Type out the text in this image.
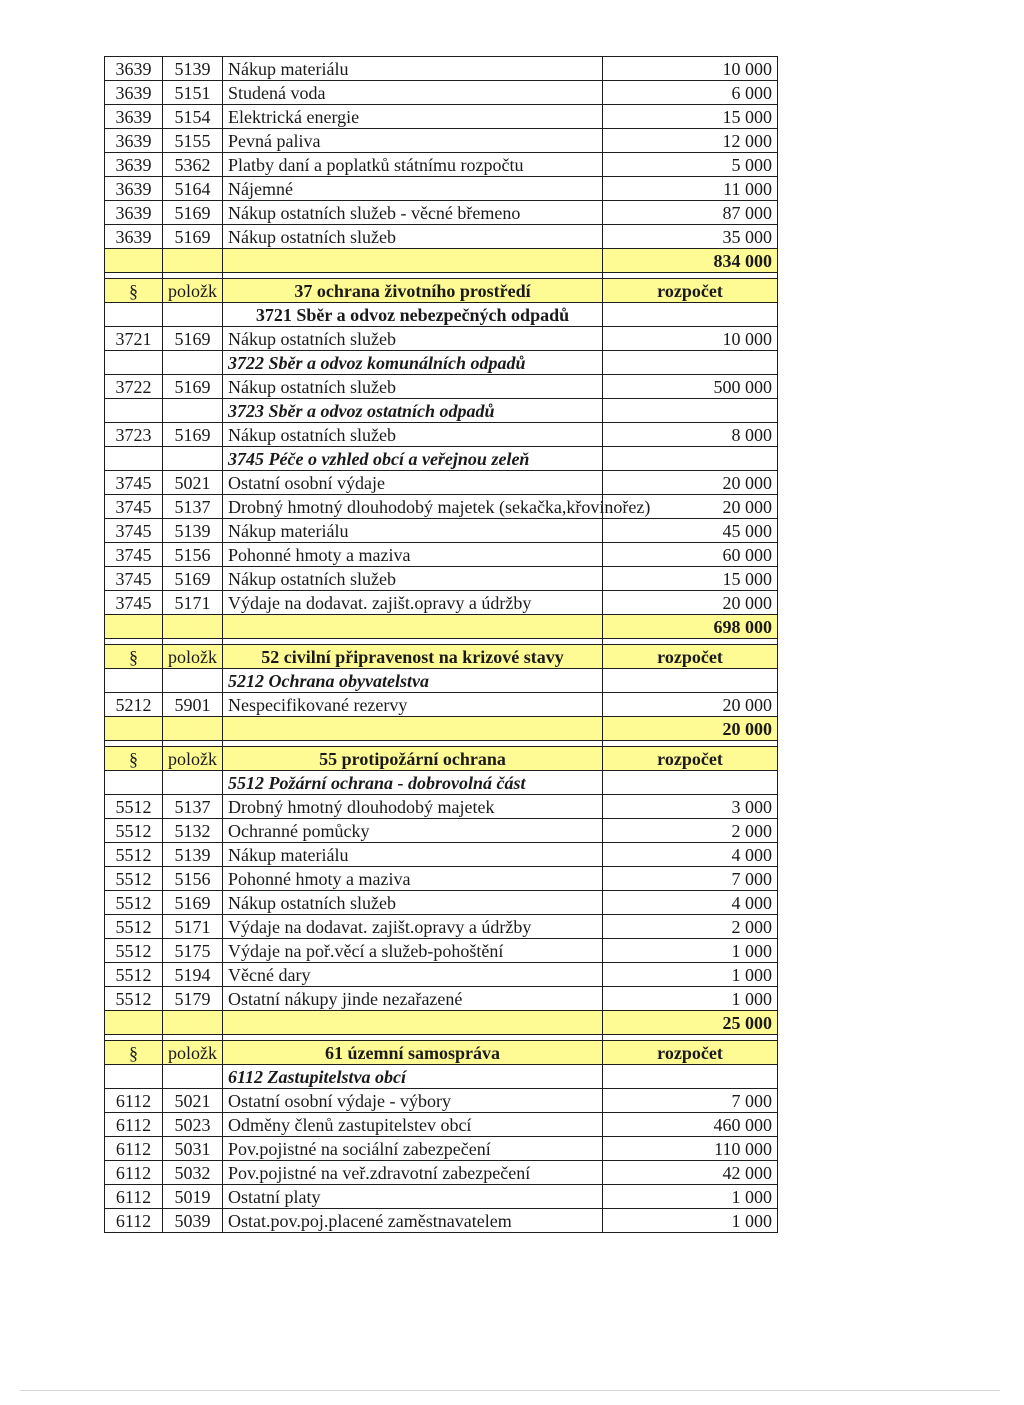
3639	5139	Nákup materiálu	10 000
3639	5151	Studená voda	6 000
3639	5154	Elektrická energie	15 000
3639	5155	Pevná paliva	12 000
3639	5362	Platby daní a poplatků státnímu rozpočtu	5 000
3639	5164	Nájemné	11 000
3639	5169	Nákup ostatních služeb - věcné břemeno	87 000
3639	5169	Nákup ostatních služeb	35 000
			834 000

§	položk	37 ochrana životního prostředí	rozpočet
		3721 Sběr a odvoz nebezpečných odpadů	
3721	5169	Nákup ostatních služeb	10 000
		3722 Sběr a odvoz komunálních odpadů	
3722	5169	Nákup ostatních služeb	500 000
		3723 Sběr a odvoz ostatních odpadů	
3723	5169	Nákup ostatních služeb	8 000
		3745 Péče o vzhled obcí a veřejnou zeleň	
3745	5021	Ostatní osobní výdaje	20 000
3745	5137	Drobný hmotný dlouhodobý majetek (sekačka,křovinořez)	20 000
3745	5139	Nákup materiálu	45 000
3745	5156	Pohonné hmoty a maziva	60 000
3745	5169	Nákup ostatních služeb	15 000
3745	5171	Výdaje na dodavat. zajišt.opravy a údržby	20 000
			698 000

§	položk	52 civilní připravenost na krizové stavy	rozpočet
		5212 Ochrana obyvatelstva	
5212	5901	Nespecifikované rezervy	20 000
			20 000

§	položk	55 protipožární ochrana	rozpočet
		5512 Požární ochrana - dobrovolná část	
5512	5137	Drobný hmotný dlouhodobý majetek	3 000
5512	5132	Ochranné pomůcky	2 000
5512	5139	Nákup materiálu	4 000
5512	5156	Pohonné hmoty a maziva	7 000
5512	5169	Nákup ostatních služeb	4 000
5512	5171	Výdaje na dodavat. zajišt.opravy a údržby	2 000
5512	5175	Výdaje na poř.věcí a služeb-pohoštění	1 000
5512	5194	Věcné dary	1 000
5512	5179	Ostatní nákupy jinde nezařazené	1 000
			25 000

§	položk	61 územní samospráva	rozpočet
		6112 Zastupitelstva obcí	
6112	5021	Ostatní osobní výdaje - výbory	7 000
6112	5023	Odměny členů zastupitelstev obcí	460 000
6112	5031	Pov.pojistné na sociální zabezpečení	110 000
6112	5032	Pov.pojistné na veř.zdravotní zabezpečení	42 000
6112	5019	Ostatní platy	1 000
6112	5039	Ostat.pov.poj.placené zaměstnavatelem	1 000
